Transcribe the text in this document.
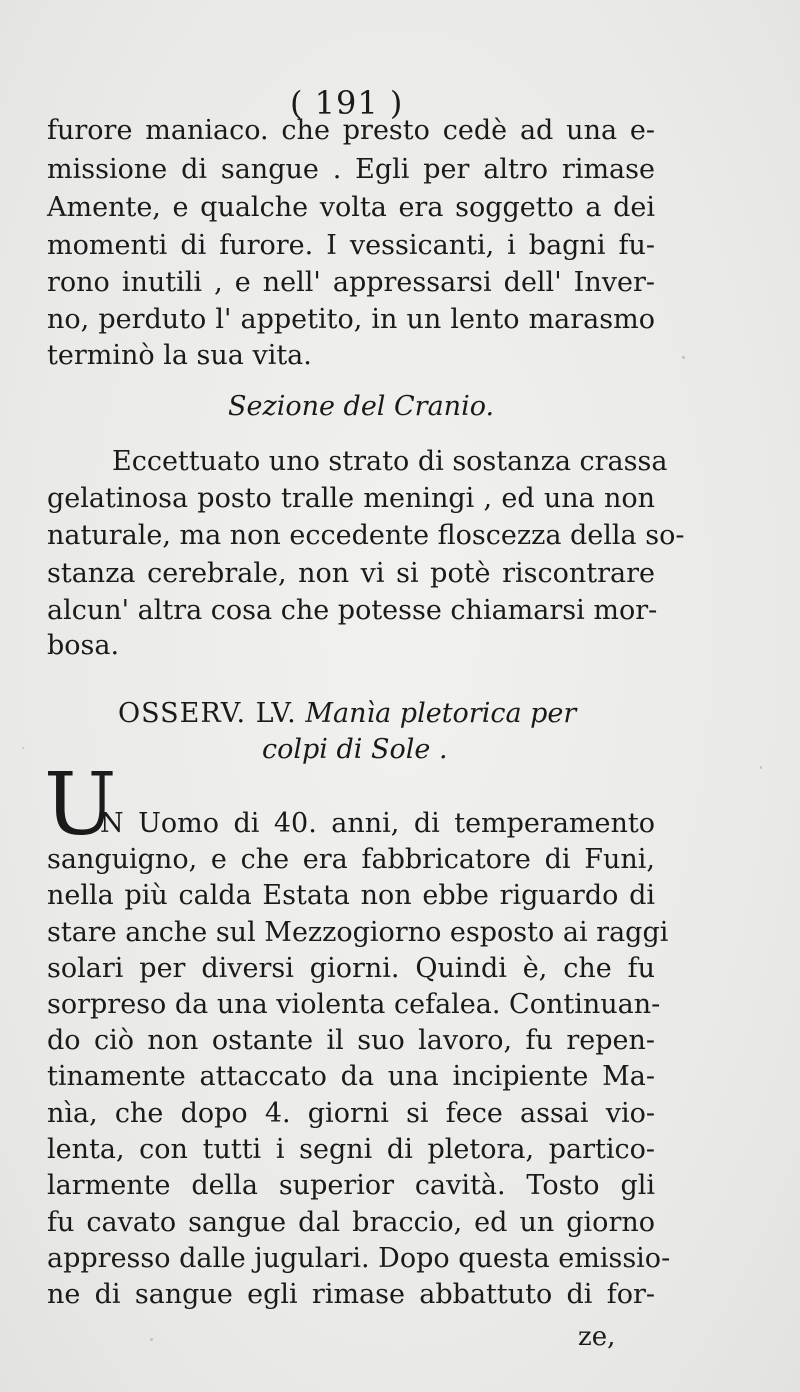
( 191 )
furore maniaco. che presto cedè ad una e-
missione di sangue . Egli per altro rimase
Amente, e qualche volta era soggetto a dei
momenti di furore. I vessicanti, i bagni fu-
rono inutili , e nell' appressarsi dell' Inver-
no, perduto l' appetito, in un lento marasmo
terminò la sua vita.
Sezione del Cranio.
Eccettuato uno strato di sostanza crassa
gelatinosa posto tralle meningi , ed una non
naturale, ma non eccedente floscezza della so-
stanza cerebrale, non vi si potè riscontrare
alcun' altra cosa che potesse chiamarsi mor-
bosa.
OSSERV. LV. Manìa pletorica per
colpi di Sole .
U
N Uomo di 40. anni, di temperamento
sanguigno, e che era fabbricatore di Funi,
nella più calda Estata non ebbe riguardo di
stare anche sul Mezzogiorno esposto ai raggi
solari per diversi giorni. Quindi è, che fu
sorpreso da una violenta cefalea. Continuan-
do ciò non ostante il suo lavoro, fu repen-
tinamente attaccato da una incipiente Ma-
nìa, che dopo 4. giorni si fece assai vio-
lenta, con tutti i segni di pletora, partico-
larmente della superior cavità. Tosto gli
fu cavato sangue dal braccio, ed un giorno
appresso dalle jugulari. Dopo questa emissio-
ne di sangue egli rimase abbattuto di for-
ze,
